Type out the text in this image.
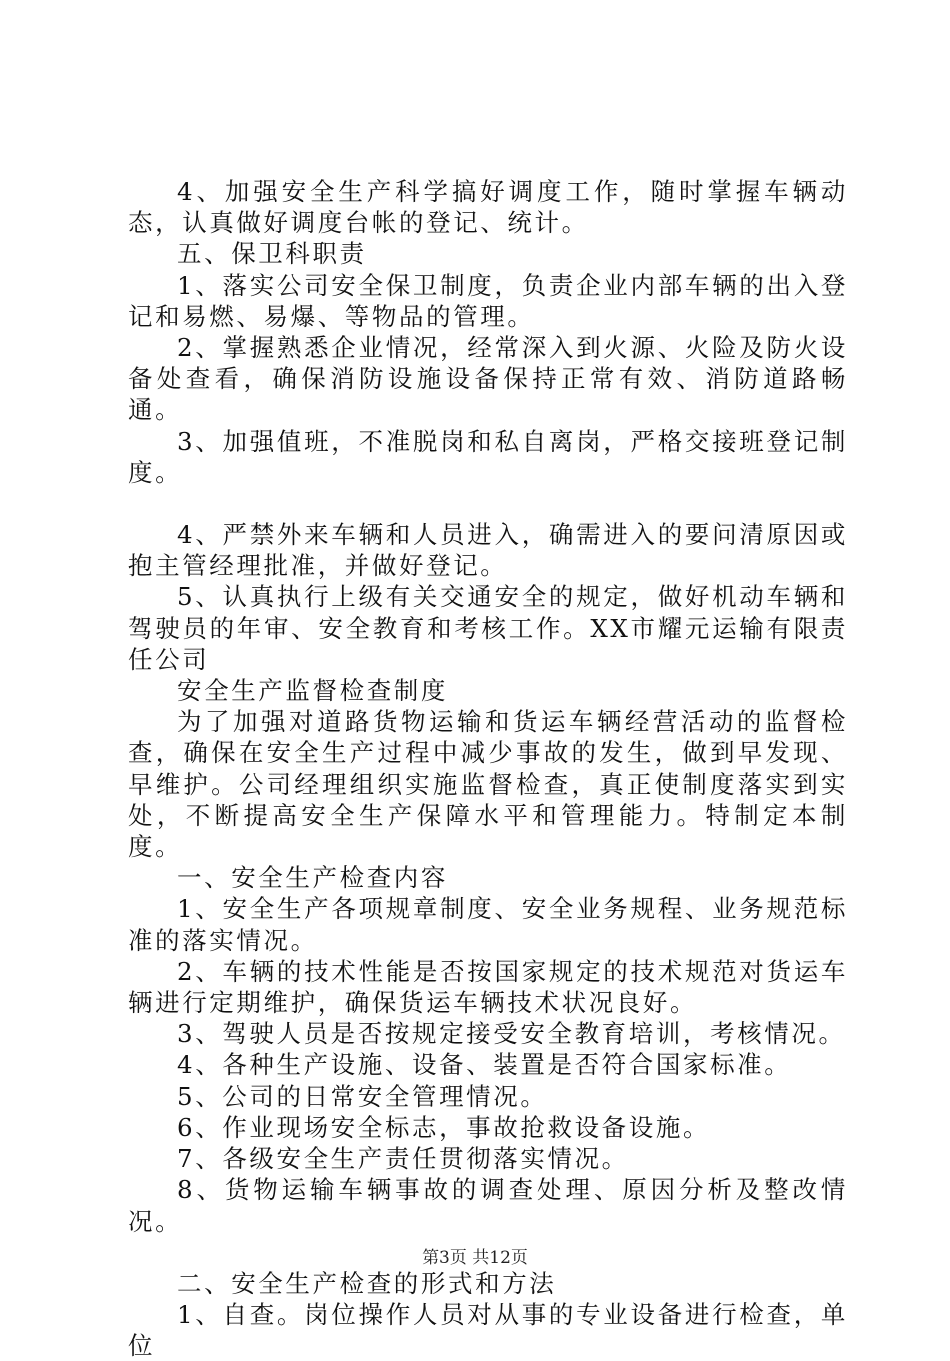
4、加强安全生产科学搞好调度工作，随时掌握车辆动态，认真做好调度台帐的登记、统计。

五、保卫科职责

1、落实公司安全保卫制度，负责企业内部车辆的出入登记和易燃、易爆、等物品的管理。

2、掌握熟悉企业情况，经常深入到火源、火险及防火设备处查看，确保消防设施设备保持正常有效、消防道路畅通。

3、加强值班，不准脱岗和私自离岗，严格交接班登记制度。

4、严禁外来车辆和人员进入，确需进入的要问清原因或抱主管经理批准，并做好登记。

5、认真执行上级有关交通安全的规定，做好机动车辆和驾驶员的年审、安全教育和考核工作。XX市耀元运输有限责任公司

安全生产监督检查制度

为了加强对道路货物运输和货运车辆经营活动的监督检查，确保在安全生产过程中减少事故的发生，做到早发现、早维护。公司经理组织实施监督检查，真正使制度落实到实处，不断提高安全生产保障水平和管理能力。特制定本制度。

一、安全生产检查内容

1、安全生产各项规章制度、安全业务规程、业务规范标准的落实情况。

2、车辆的技术性能是否按国家规定的技术规范对货运车辆进行定期维护，确保货运车辆技术状况良好。

3、驾驶人员是否按规定接受安全教育培训，考核情况。

4、各种生产设施、设备、装置是否符合国家标准。

5、公司的日常安全管理情况。

6、作业现场安全标志，事故抢救设备设施。

7、各级安全生产责任贯彻落实情况。

8、货物运输车辆事故的调查处理、原因分析及整改情况。

二、安全生产检查的形式和方法

1、自查。岗位操作人员对从事的专业设备进行检查，单位

第3页 共12页
